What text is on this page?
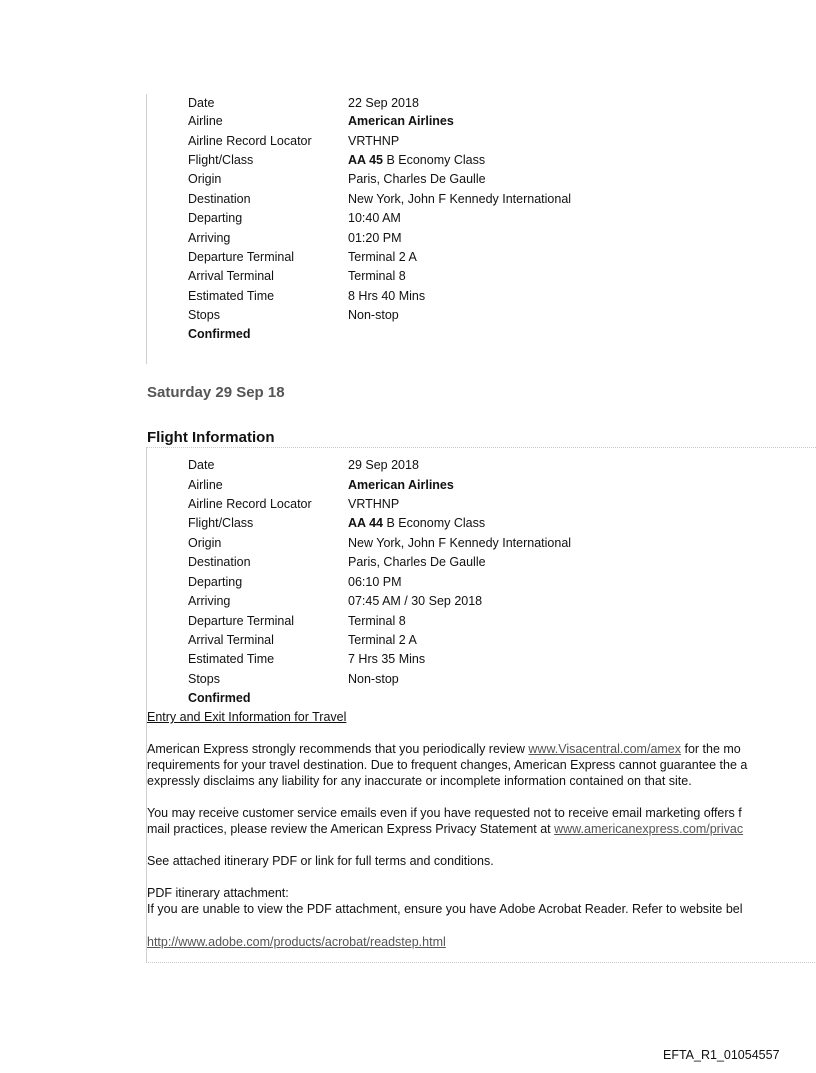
Date	22 Sep 2018
Airline	American Airlines
Airline Record Locator	VRTHNP
Flight/Class	AA 45 B Economy Class
Origin	Paris, Charles De Gaulle
Destination	New York, John F Kennedy International
Departing	10:40 AM
Arriving	01:20 PM
Departure Terminal	Terminal 2 A
Arrival Terminal	Terminal 8
Estimated Time	8 Hrs 40 Mins
Stops	Non-stop
Confirmed
Saturday 29 Sep 18
Flight Information
Date	29 Sep 2018
Airline	American Airlines
Airline Record Locator	VRTHNP
Flight/Class	AA 44 B Economy Class
Origin	New York, John F Kennedy International
Destination	Paris, Charles De Gaulle
Departing	06:10 PM
Arriving	07:45 AM / 30 Sep 2018
Departure Terminal	Terminal 8
Arrival Terminal	Terminal 2 A
Estimated Time	7 Hrs 35 Mins
Stops	Non-stop
Confirmed
Entry and Exit Information for Travel
American Express strongly recommends that you periodically review www.Visacentral.com/amex for the mo
requirements for your travel destination. Due to frequent changes, American Express cannot guarantee the a
expressly disclaims any liability for any inaccurate or incomplete information contained on that site.
You may receive customer service emails even if you have requested not to receive email marketing offers f
mail practices, please review the American Express Privacy Statement at www.americanexpress.com/privac
See attached itinerary PDF or link for full terms and conditions.
PDF itinerary attachment:
If you are unable to view the PDF attachment, ensure you have Adobe Acrobat Reader. Refer to website bel
http://www.adobe.com/products/acrobat/readstep.html
EFTA_R1_01054557
